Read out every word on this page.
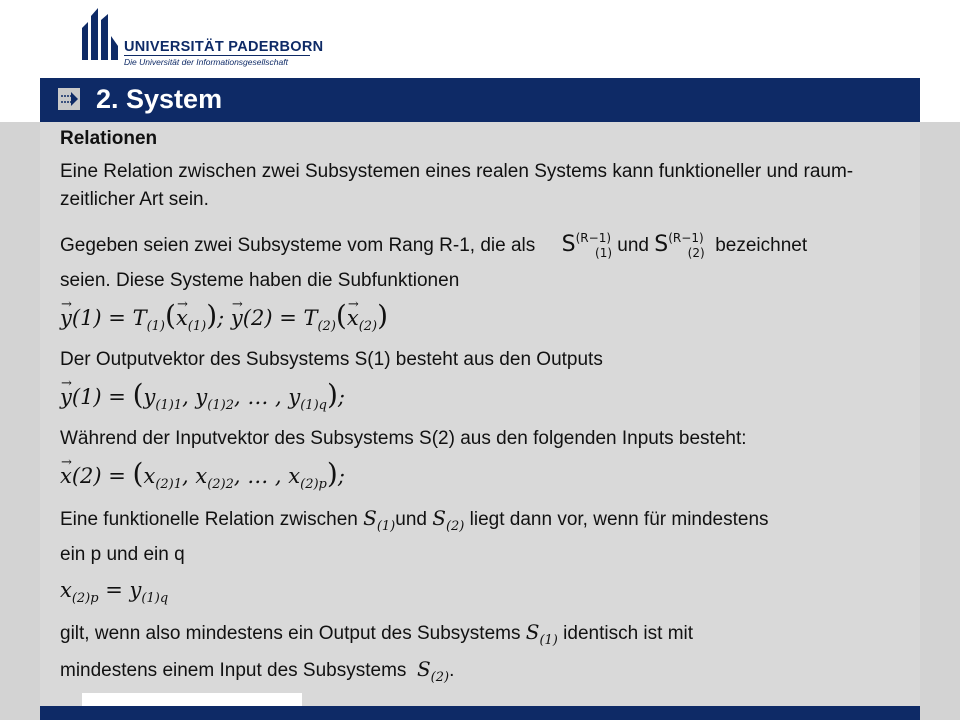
UNIVERSITÄT PADERBORN
Die Universität der Informationsgesellschaft
2. System

Relationen

Eine Relation zwischen zwei Subsystemen eines realen Systems kann funktioneller und raum-zeitlicher Art sein.

Gegeben seien zwei Subsysteme vom Rang R-1, die als $S^{(R-1)}_{(1)}$ und $S^{(R-1)}_{(2)}$ bezeichnet
seien. Diese Systeme haben die Subfunktionen

→ $y(1) = T_{(1)}(\to x_{(1)})$; → $y(2) = T_{(2)}(\to x_{(2)})$

Der Outputvektor des Subsystems S(1) besteht aus den Outputs

→ $y(1) = (y_{(1)1}$, $y_{(1)2}$, … , $y_{(1)q}$);

Während der Inputvektor des Subsystems S(2) aus den folgenden Inputs besteht:

→ $x(2) = (x_{(2)1}$, $x_{(2)2}$, … , $x_{(2)p}$);

Eine funktionelle Relation zwischen $S_{(1)}und$ $S_{(2)}$ liegt dann vor, wenn für mindestens
ein p und ein q

$x_{(2)p} = y_{(1)q}$

gilt, wenn also mindestens ein Output des Subsystems $S_{(1)}$ identisch ist mit
mindestens einem Input des Subsystems $S_{(2)}$.
